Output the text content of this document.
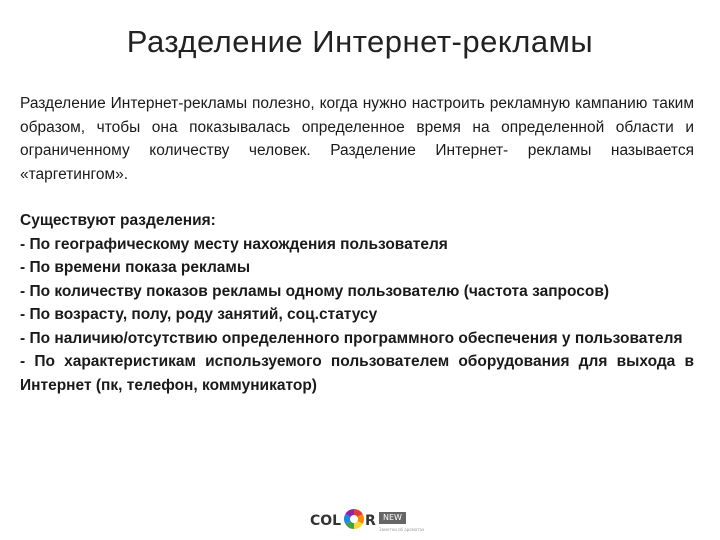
Разделение Интернет-рекламы

Разделение Интернет-рекламы полезно, когда нужно настроить рекламную кампанию таким образом, чтобы она показывалась определенное время на определенной области и ограниченному количеству человек. Разделение Интернет- рекламы называется «таргетингом».

Существуют разделения:

- По географическому месту нахождения пользователя

- По времени показа рекламы

- По количеству показов рекламы одному пользователю (частота запросов)

- По возрасту, полу, роду занятий, соц.статусу

- По наличию/отсутствию определенного программного обеспечения у пользователя

- По характеристикам используемого пользователем оборудования для выхода в Интернет (пк, телефон, коммуникатор)

COL R NEW
Заметки об ароматах
